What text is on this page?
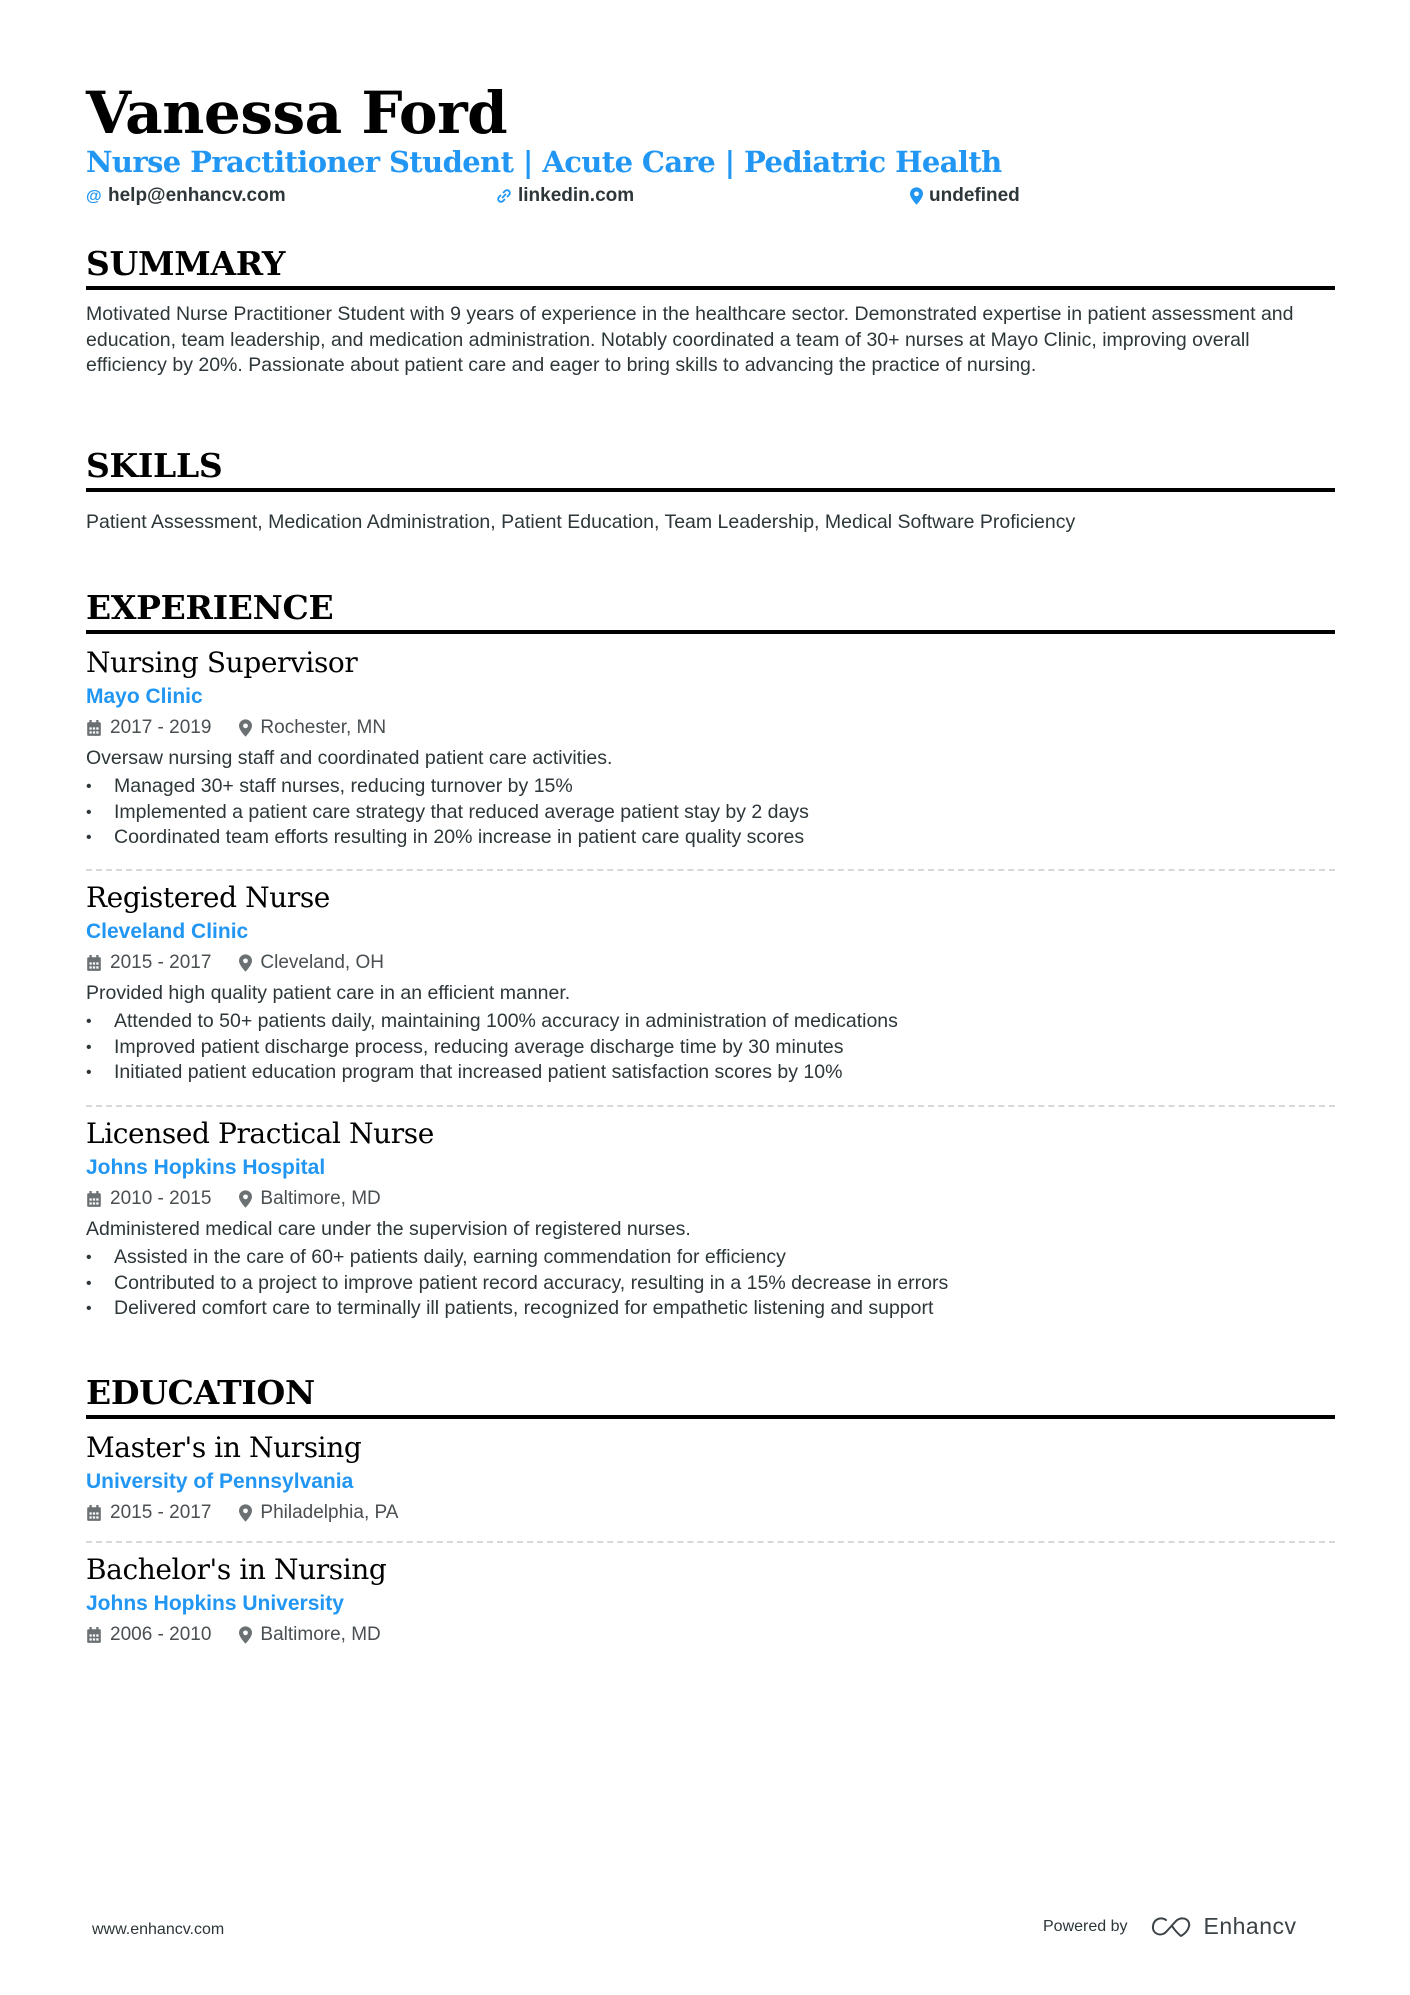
Vanessa Ford
Nurse Practitioner Student | Acute Care | Pediatric Health
@ help@enhancv.com	linkedin.com	undefined
SUMMARY
Motivated Nurse Practitioner Student with 9 years of experience in the healthcare sector. Demonstrated expertise in patient assessment and education, team leadership, and medication administration. Notably coordinated a team of 30+ nurses at Mayo Clinic, improving overall efficiency by 20%. Passionate about patient care and eager to bring skills to advancing the practice of nursing.
SKILLS
Patient Assessment, Medication Administration, Patient Education, Team Leadership, Medical Software Proficiency
EXPERIENCE
Nursing Supervisor
Mayo Clinic
2017 - 2019	Rochester, MN
Oversaw nursing staff and coordinated patient care activities.
• Managed 30+ staff nurses, reducing turnover by 15%
• Implemented a patient care strategy that reduced average patient stay by 2 days
• Coordinated team efforts resulting in 20% increase in patient care quality scores
Registered Nurse
Cleveland Clinic
2015 - 2017	Cleveland, OH
Provided high quality patient care in an efficient manner.
• Attended to 50+ patients daily, maintaining 100% accuracy in administration of medications
• Improved patient discharge process, reducing average discharge time by 30 minutes
• Initiated patient education program that increased patient satisfaction scores by 10%
Licensed Practical Nurse
Johns Hopkins Hospital
2010 - 2015	Baltimore, MD
Administered medical care under the supervision of registered nurses.
• Assisted in the care of 60+ patients daily, earning commendation for efficiency
• Contributed to a project to improve patient record accuracy, resulting in a 15% decrease in errors
• Delivered comfort care to terminally ill patients, recognized for empathetic listening and support
EDUCATION
Master's in Nursing
University of Pennsylvania
2015 - 2017	Philadelphia, PA
Bachelor's in Nursing
Johns Hopkins University
2006 - 2010	Baltimore, MD
www.enhancv.com	Powered by	Enhancv
